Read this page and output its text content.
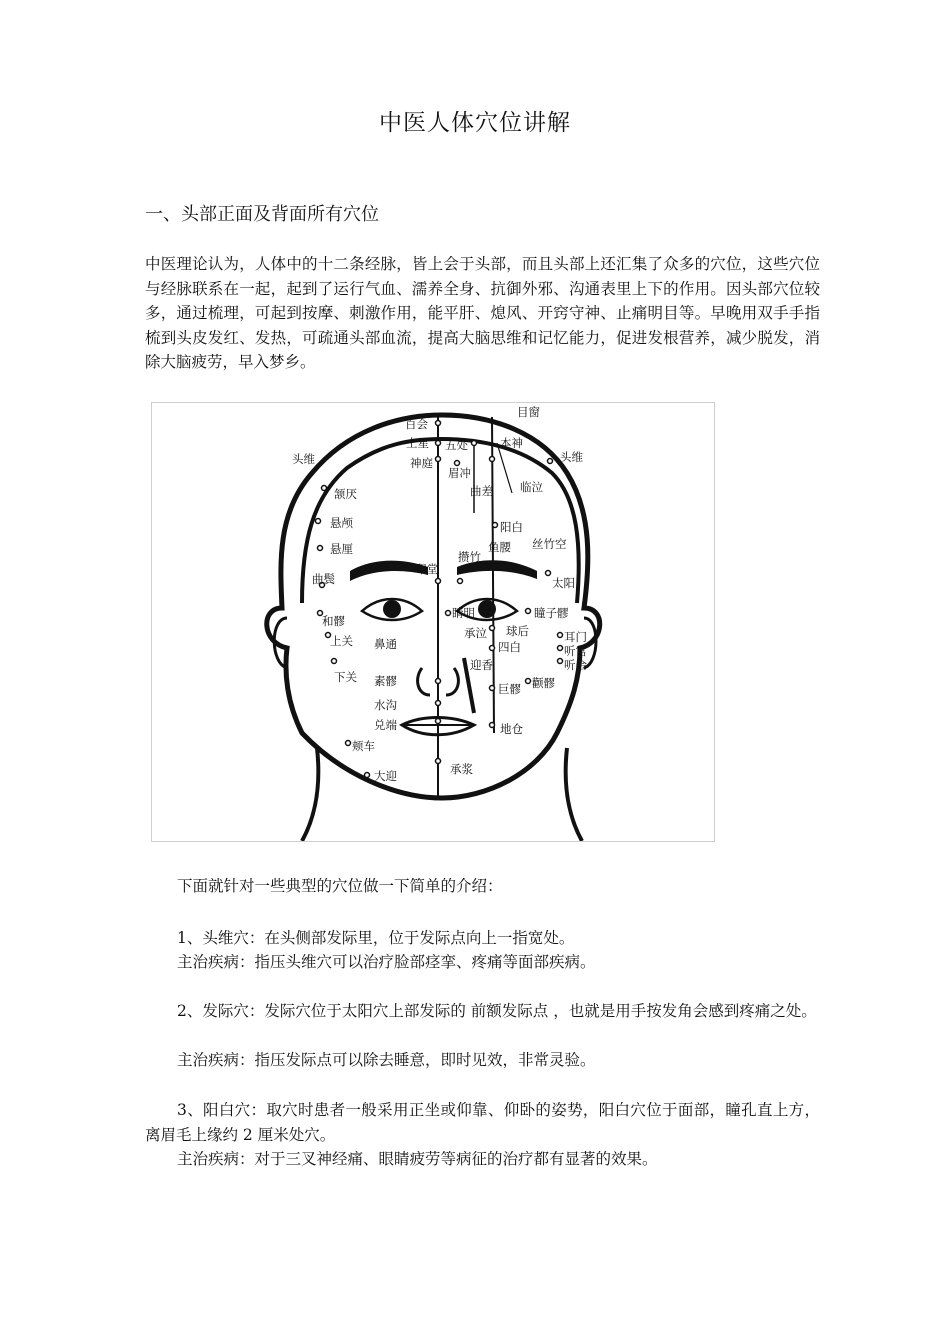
中医人体穴位讲解
一、头部正面及背面所有穴位
中医理论认为，人体中的十二条经脉，皆上会于头部，而且头部上还汇集了众多的穴位，这些穴位与经脉联系在一起，起到了运行气血、濡养全身、抗御外邪、沟通表里上下的作用。因头部穴位较多，通过梳理，可起到按摩、刺激作用，能平肝、熄风、开窍守神、止痛明目等。早晚用双手手指梳到头皮发红、发热，可疏通头部血流，提高大脑思维和记忆能力，促进发根营养，减少脱发，消除大脑疲劳，早入梦乡。
百会
目窗
上星 五处	本神
头维	头维
神庭
眉冲
曲差 临泣
颔厌
悬颅
悬厘
阳白
鱼腰 丝竹空
攒竹
印堂
曲鬓	太阳
睛明	瞳子髎
和髎
上关 鼻通
承泣 球后	耳门
听宫
听会
四白
下关 素髎
迎香
巨髎 颧髎
水沟
兑端	地仓
颊车
承浆
大迎
下面就针对一些典型的穴位做一下简单的介绍：
1、头维穴：在头侧部发际里，位于发际点向上一指宽处。
主治疾病：指压头维穴可以治疗脸部痉挛、疼痛等面部疾病。
2、发际穴：发际穴位于太阳穴上部发际的 前额发际点 ，也就是用手按发角会感到疼痛之处。
主治疾病：指压发际点可以除去睡意，即时见效，非常灵验。
3、阳白穴：取穴时患者一般采用正坐或仰靠、仰卧的姿势，阳白穴位于面部，瞳孔直上方，离眉毛上缘约 2 厘米处穴。
主治疾病：对于三叉神经痛、眼睛疲劳等病征的治疗都有显著的效果。
